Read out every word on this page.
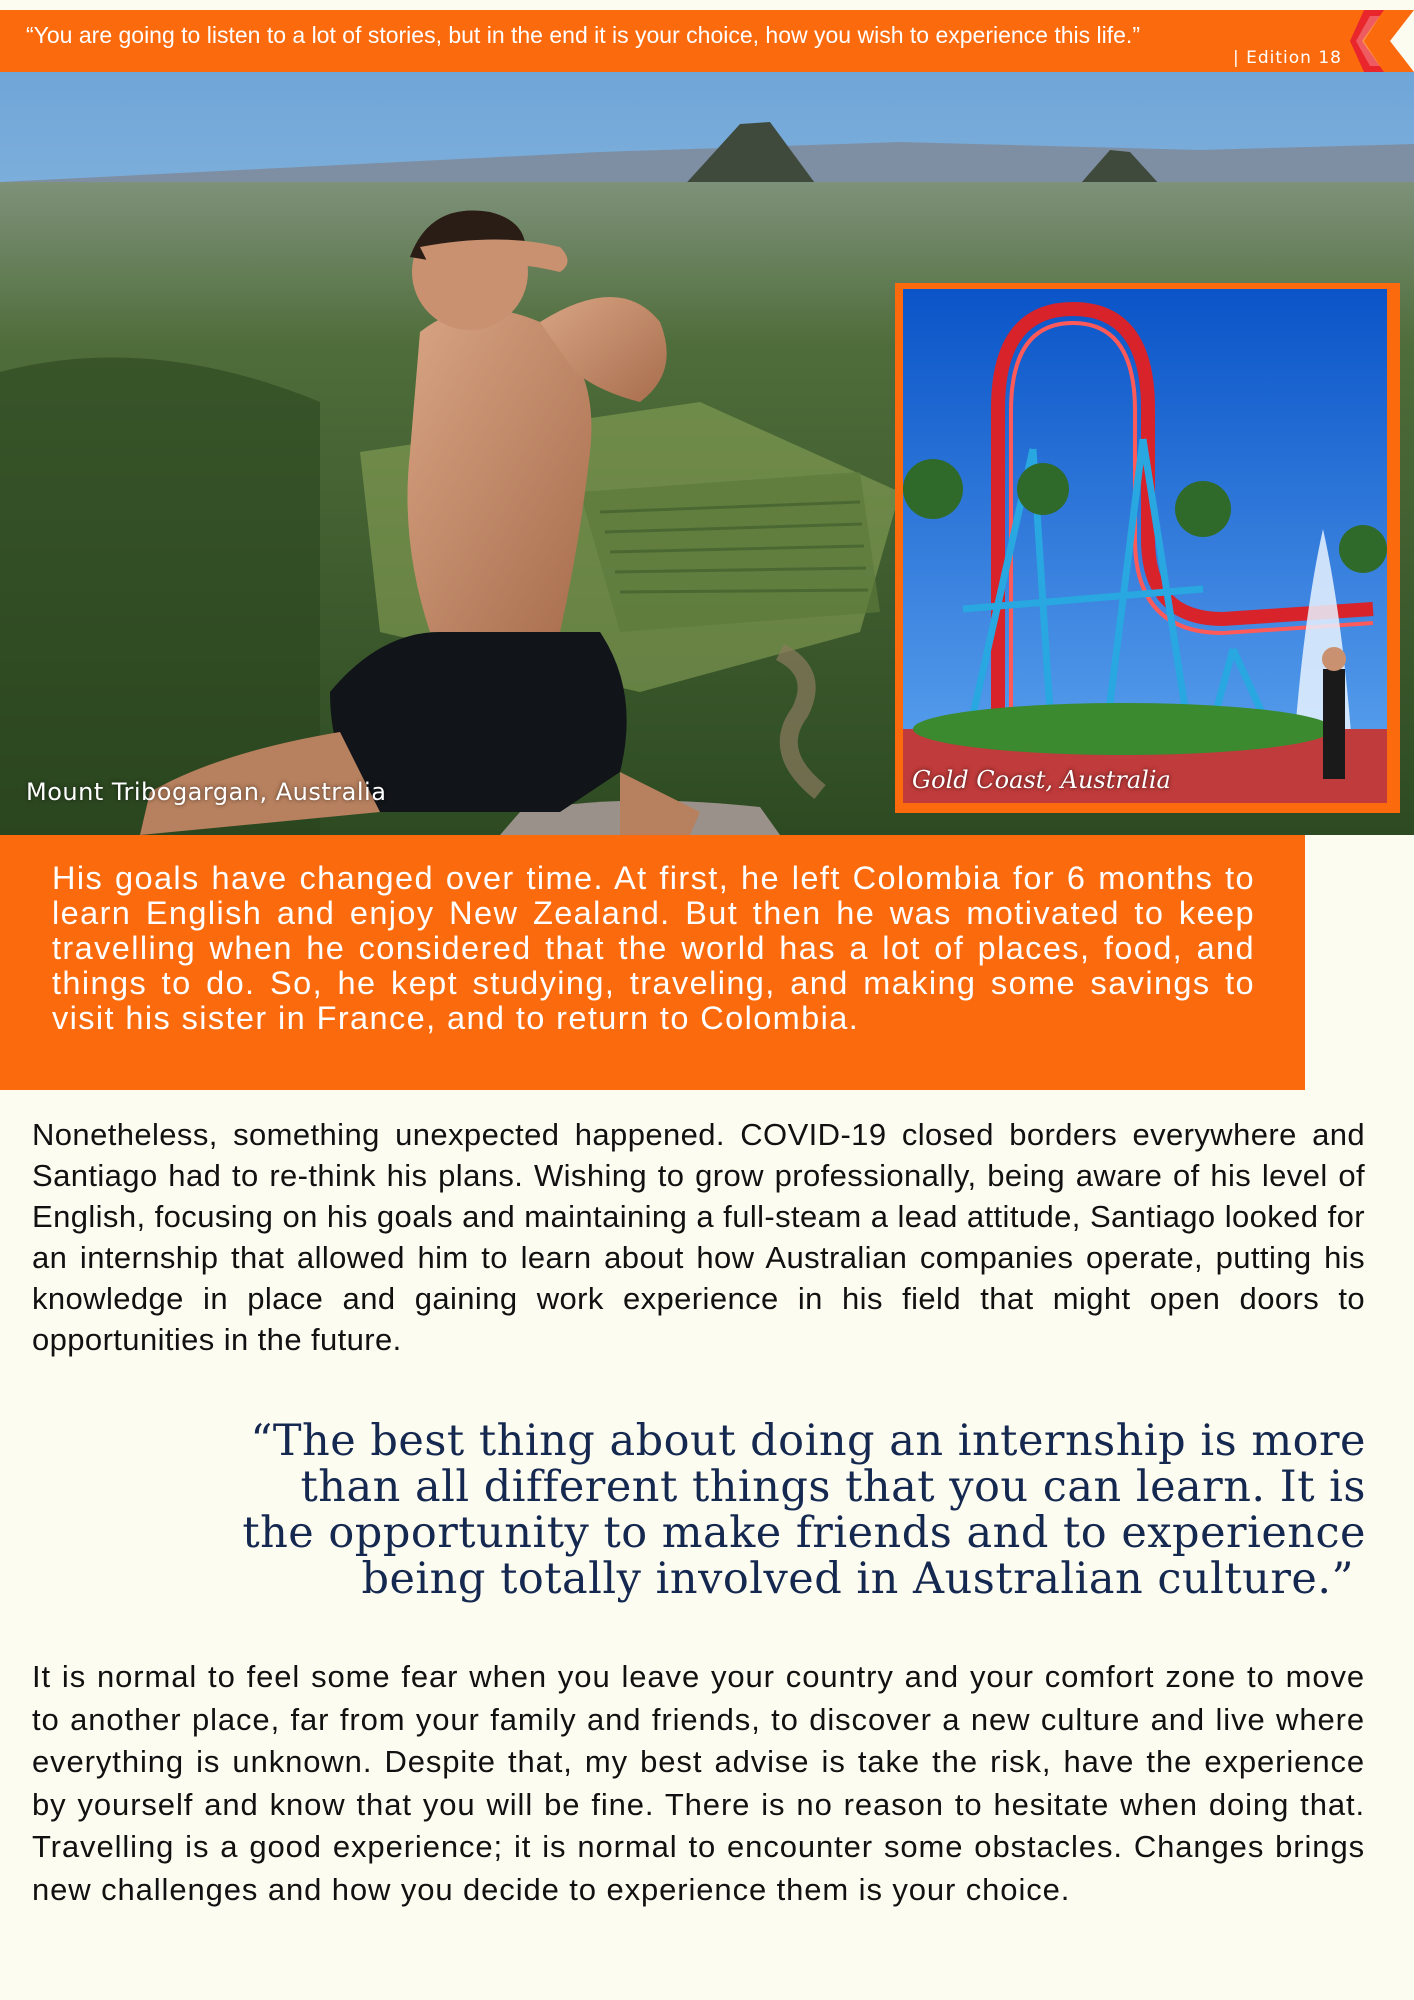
“You are going to listen to a lot of stories, but in the end it is your choice, how you wish to experience this life.”
| Edition 18
Mount Tribogargan, Australia	Gold Coast, Australia

His goals have changed over time. At first, he left Colombia for 6 months to learn English and enjoy New Zealand. But then he was motivated to keep travelling when he considered that the world has a lot of places, food, and things to do. So, he kept studying, traveling, and making some savings to visit his sister in France, and to return to Colombia.

Nonetheless, something unexpected happened. COVID-19 closed borders everywhere and Santiago had to re-think his plans. Wishing to grow professionally, being aware of his level of English, focusing on his goals and maintaining a full-steam a lead attitude, Santiago looked for an internship that allowed him to learn about how Australian companies operate, putting his knowledge in place and gaining work experience in his field that might open doors to opportunities in the future.

“The best thing about doing an internship is more
than all different things that you can learn. It is
the opportunity to make friends and to experience
being totally involved in Australian culture.”

It is normal to feel some fear when you leave your country and your comfort zone to move to another place, far from your family and friends, to discover a new culture and live where everything is unknown. Despite that, my best advise is take the risk, have the experience by yourself and know that you will be fine. There is no reason to hesitate when doing that. Travelling is a good experience; it is normal to encounter some obstacles. Changes brings new challenges and how you decide to experience them is your choice.
